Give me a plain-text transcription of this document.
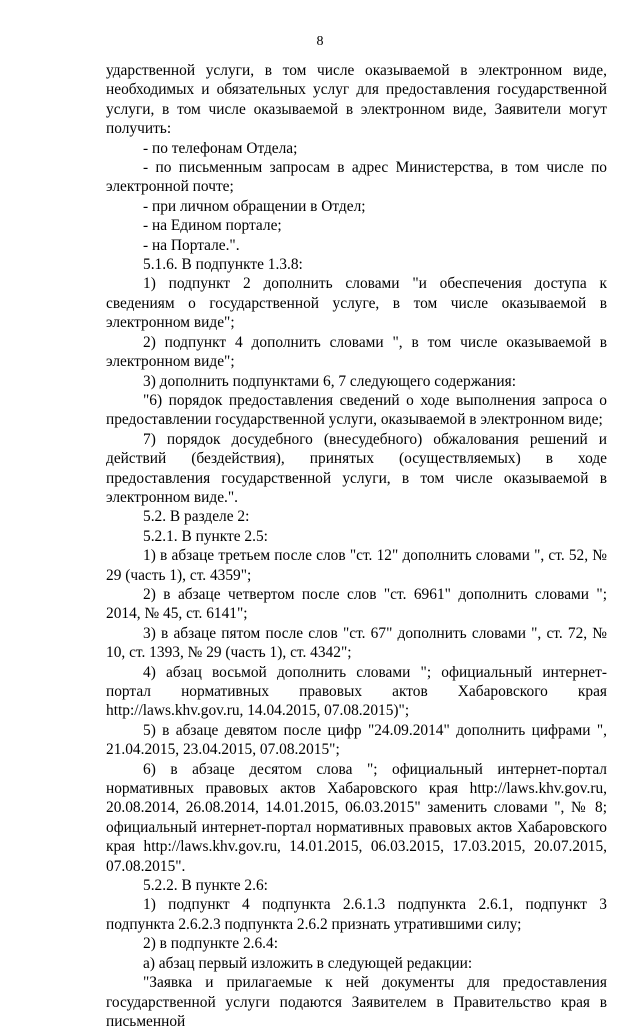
8

ударственной услуги, в том числе оказываемой в электронном виде, необходимых и обязательных услуг для предоставления государственной услуги, в том числе оказываемой в электронном виде, Заявители могут получить:

- по телефонам Отдела;

- по письменным запросам в адрес Министерства, в том числе по электронной почте;

- при личном обращении в Отдел;

- на Едином портале;

- на Портале.".

5.1.6. В подпункте 1.3.8:

1) подпункт 2 дополнить словами "и обеспечения доступа к сведениям о государственной услуге, в том числе оказываемой в электронном виде";

2) подпункт 4 дополнить словами ", в том числе оказываемой в электронном виде";

3) дополнить подпунктами 6, 7 следующего содержания:

"6) порядок предоставления сведений о ходе выполнения запроса о предоставлении государственной услуги, оказываемой в электронном виде;

7) порядок досудебного (внесудебного) обжалования решений и действий (бездействия), принятых (осуществляемых) в ходе предоставления государственной услуги, в том числе оказываемой в электронном виде.".

5.2. В разделе 2:

5.2.1. В пункте 2.5:

1) в абзаце третьем после слов "ст. 12" дополнить словами ", ст. 52, № 29 (часть 1), ст. 4359";

2) в абзаце четвертом после слов "ст. 6961" дополнить словами "; 2014, № 45, ст. 6141";

3) в абзаце пятом после слов "ст. 67" дополнить словами ", ст. 72, № 10, ст. 1393, № 29 (часть 1), ст. 4342";

4) абзац восьмой дополнить словами "; официальный интернет-портал нормативных правовых актов Хабаровского края http://laws.khv.gov.ru, 14.04.2015, 07.08.2015)";

5) в абзаце девятом после цифр "24.09.2014" дополнить цифрами ", 21.04.2015, 23.04.2015, 07.08.2015";

6) в абзаце десятом слова "; официальный интернет-портал нормативных правовых актов Хабаровского края http://laws.khv.gov.ru, 20.08.2014, 26.08.2014, 14.01.2015, 06.03.2015" заменить словами ", № 8; официальный интернет-портал нормативных правовых актов Хабаровского края http://laws.khv.gov.ru, 14.01.2015, 06.03.2015, 17.03.2015, 20.07.2015, 07.08.2015".

5.2.2. В пункте 2.6:

1) подпункт 4 подпункта 2.6.1.3 подпункта 2.6.1, подпункт 3 подпункта 2.6.2.3 подпункта 2.6.2 признать утратившими силу;

2) в подпункте 2.6.4:

а) абзац первый изложить в следующей редакции:

"Заявка и прилагаемые к ней документы для предоставления государственной услуги подаются Заявителем в Правительство края в письменной
